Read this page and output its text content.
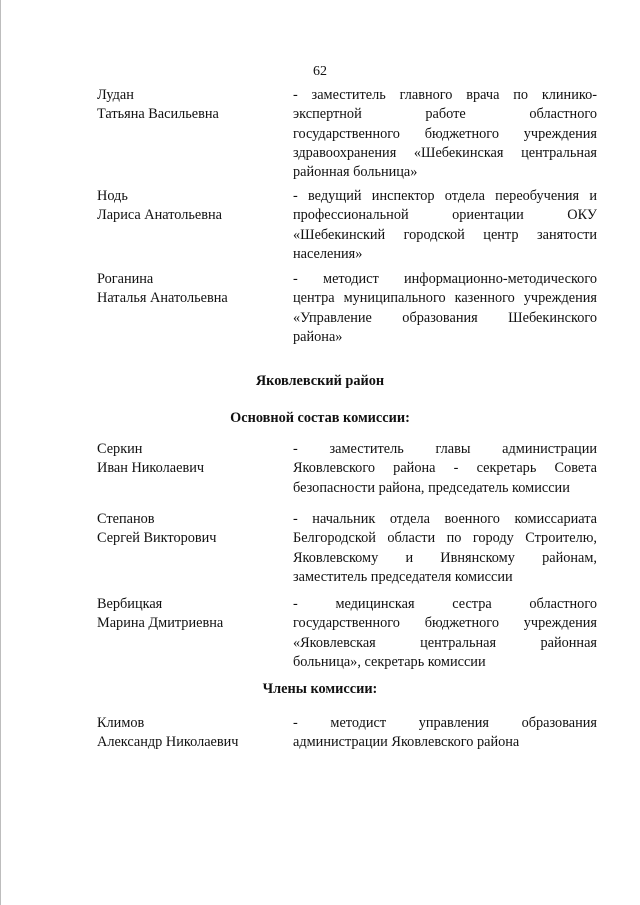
62
Лудан
Татьяна Васильевна
- заместитель главного врача по клинико-
экспертной работе областного
государственного бюджетного учреждения
здравоохранения «Шебекинская центральная
районная больница»
Нодь
Лариса Анатольевна
- ведущий инспектор отдела переобучения и
профессиональной ориентации ОКУ
«Шебекинский городской центр занятости
населения»
Роганина
Наталья Анатольевна
- методист информационно-методического
центра муниципального казенного учреждения
«Управление образования Шебекинского
района»
Яковлевский район
Основной состав комиссии:
Серкин
Иван Николаевич
- заместитель главы администрации
Яковлевского района - секретарь Совета
безопасности района, председатель комиссии
Степанов
Сергей Викторович
- начальник отдела военного комиссариата
Белгородской области по городу Строителю,
Яковлевскому и Ивнянскому районам,
заместитель председателя комиссии
Вербицкая
Марина Дмитриевна
- медицинская сестра областного
государственного бюджетного учреждения
«Яковлевская центральная районная
больница», секретарь комиссии
Члены комиссии:
Климов
Александр Николаевич
- методист управления образования
администрации Яковлевского района
